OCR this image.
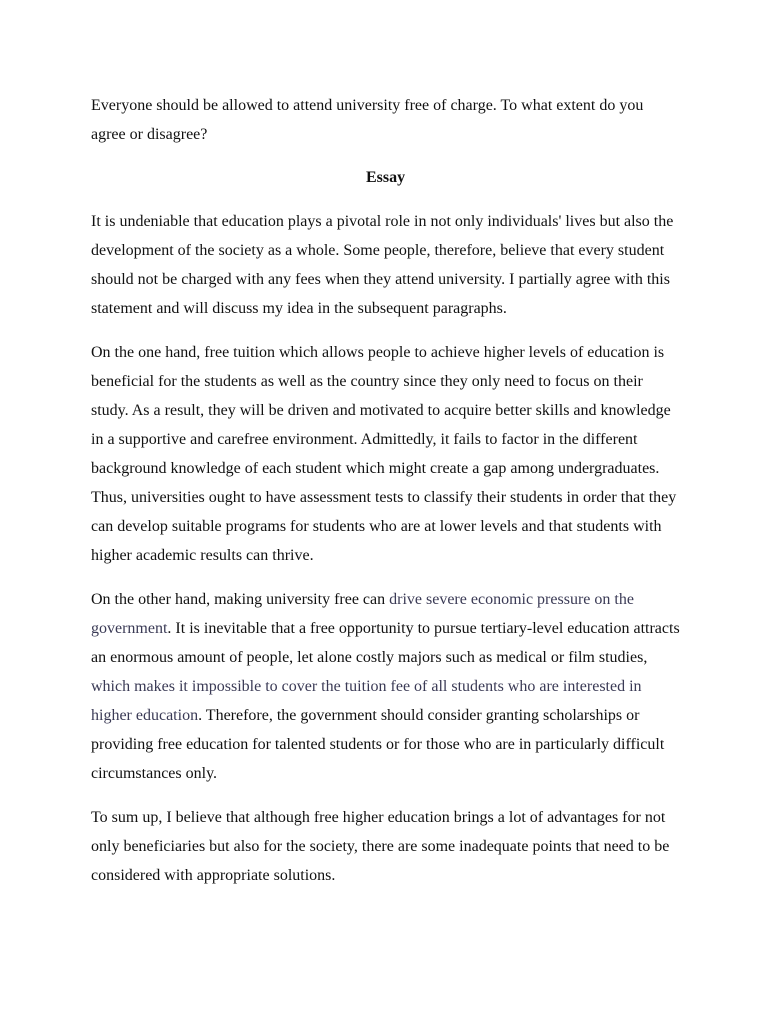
Everyone should be allowed to attend university free of charge. To what extent do you agree or disagree?

Essay

It is undeniable that education plays a pivotal role in not only individuals' lives but also the development of the society as a whole. Some people, therefore, believe that every student should not be charged with any fees when they attend university. I partially agree with this statement and will discuss my idea in the subsequent paragraphs.

On the one hand, free tuition which allows people to achieve higher levels of education is beneficial for the students as well as the country since they only need to focus on their study. As a result, they will be driven and motivated to acquire better skills and knowledge in a supportive and carefree environment. Admittedly, it fails to factor in the different background knowledge of each student which might create a gap among undergraduates. Thus, universities ought to have assessment tests to classify their students in order that they can develop suitable programs for students who are at lower levels and that students with higher academic results can thrive.

On the other hand, making university free can drive severe economic pressure on the government. It is inevitable that a free opportunity to pursue tertiary-level education attracts an enormous amount of people, let alone costly majors such as medical or film studies, which makes it impossible to cover the tuition fee of all students who are interested in higher education. Therefore, the government should consider granting scholarships or providing free education for talented students or for those who are in particularly difficult circumstances only.

To sum up, I believe that although free higher education brings a lot of advantages for not only beneficiaries but also for the society, there are some inadequate points that need to be considered with appropriate solutions.
